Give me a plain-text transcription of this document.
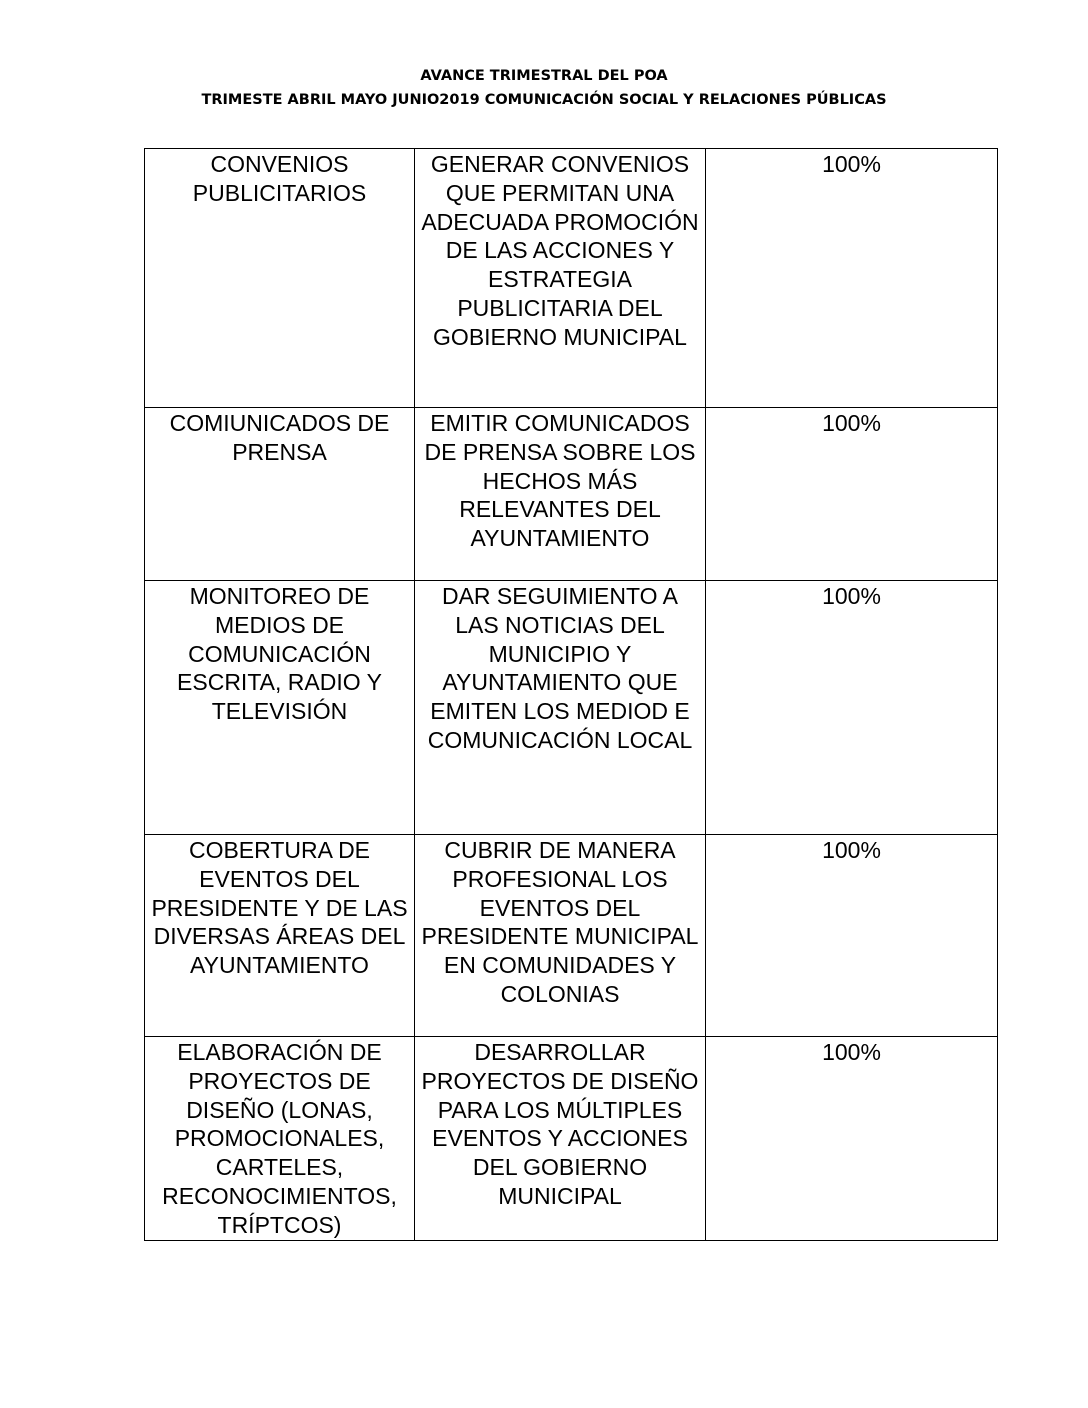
AVANCE TRIMESTRAL DEL POA
TRIMESTE ABRIL MAYO JUNIO2019 COMUNICACIÓN SOCIAL Y RELACIONES PÚBLICAS
CONVENIOS PUBLICITARIOS	GENERAR CONVENIOS QUE PERMITAN UNA ADECUADA PROMOCIÓN DE LAS ACCIONES Y ESTRATEGIA PUBLICITARIA DEL GOBIERNO MUNICIPAL	100%

COMIUNICADOS DE PRENSA	EMITIR COMUNICADOS DE PRENSA SOBRE LOS HECHOS MÁS RELEVANTES DEL AYUNTAMIENTO	100%

MONITOREO DE MEDIOS DE COMUNICACIÓN ESCRITA, RADIO Y TELEVISIÓN	DAR SEGUIMIENTO A LAS NOTICIAS DEL MUNICIPIO Y AYUNTAMIENTO QUE EMITEN LOS MEDIOD E COMUNICACIÓN LOCAL	100%

COBERTURA DE EVENTOS DEL PRESIDENTE Y DE LAS DIVERSAS ÁREAS DEL AYUNTAMIENTO	CUBRIR DE MANERA PROFESIONAL LOS EVENTOS DEL PRESIDENTE MUNICIPAL EN COMUNIDADES Y COLONIAS	100%

ELABORACIÓN DE PROYECTOS DE DISEÑO (LONAS, PROMOCIONALES, CARTELES, RECONOCIMIENTOS, TRÍPTCOS)	DESARROLLAR PROYECTOS DE DISEÑO PARA LOS MÚLTIPLES EVENTOS Y ACCIONES DEL GOBIERNO MUNICIPAL	100%
